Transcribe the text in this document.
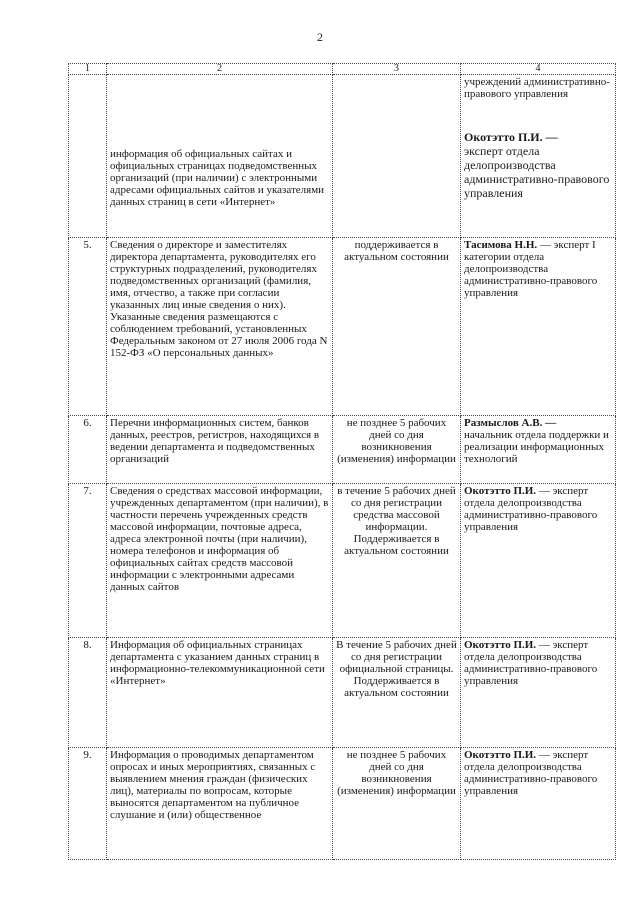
2
1	2	3	4

	информация об официальных сайтах и официальных страницах подведомственных организаций (при наличии) с электронными адресами официальных сайтов и указателями данных страниц в сети «Интернет»		учреждений административно-правового управления
Окотэтто П.И. —
эксперт отдела делопроизводства административно-правового управления

5.	Сведения о директоре и заместителях директора департамента, руководителях его структурных подразделений, руководителях подведомственных организаций (фамилия, имя, отчество, а также при согласии указанных лиц иные сведения о них).
Указанные сведения размещаются с соблюдением требований, установленных Федеральным законом от 27 июля 2006 года N 152-ФЗ «О персональных данных»	поддерживается в актуальном состоянии	Тасимова Н.Н. — эксперт I категории отдела делопроизводства административно-правового управления
6.	Перечни информационных систем, банков данных, реестров, регистров, находящихся в ведении департамента и подведомственных организаций	не позднее 5 рабочих дней со дня возникновения (изменения) информации	Размыслов А.В. —
начальник отдела поддержки и реализации информационных технологий
7.	Сведения о средствах массовой информации, учрежденных департаментом (при наличии), в частности перечень учрежденных средств массовой информации, почтовые адреса, адреса электронной почты (при наличии), номера телефонов и информация об официальных сайтах средств массовой информации с электронными адресами данных сайтов	в течение 5 рабочих дней со дня регистрации средства массовой информации. Поддерживается в актуальном состоянии	Окотэтто П.И. — эксперт отдела делопроизводства административно-правового управления
8.	Информация об официальных страницах департамента с указанием данных страниц в информационно-телекоммуникационной сети «Интернет»	В течение 5 рабочих дней со дня регистрации официальной страницы. Поддерживается в актуальном состоянии	Окотэтто П.И. — эксперт отдела делопроизводства административно-правового управления
9.	Информация о проводимых департаментом опросах и иных мероприятиях, связанных с выявлением мнения граждан (физических лиц), материалы по вопросам, которые выносятся департаментом на публичное слушание и (или) общественное	не позднее 5 рабочих дней со дня возникновения (изменения) информации	Окотэтто П.И. — эксперт отдела делопроизводства административно-правового управления
